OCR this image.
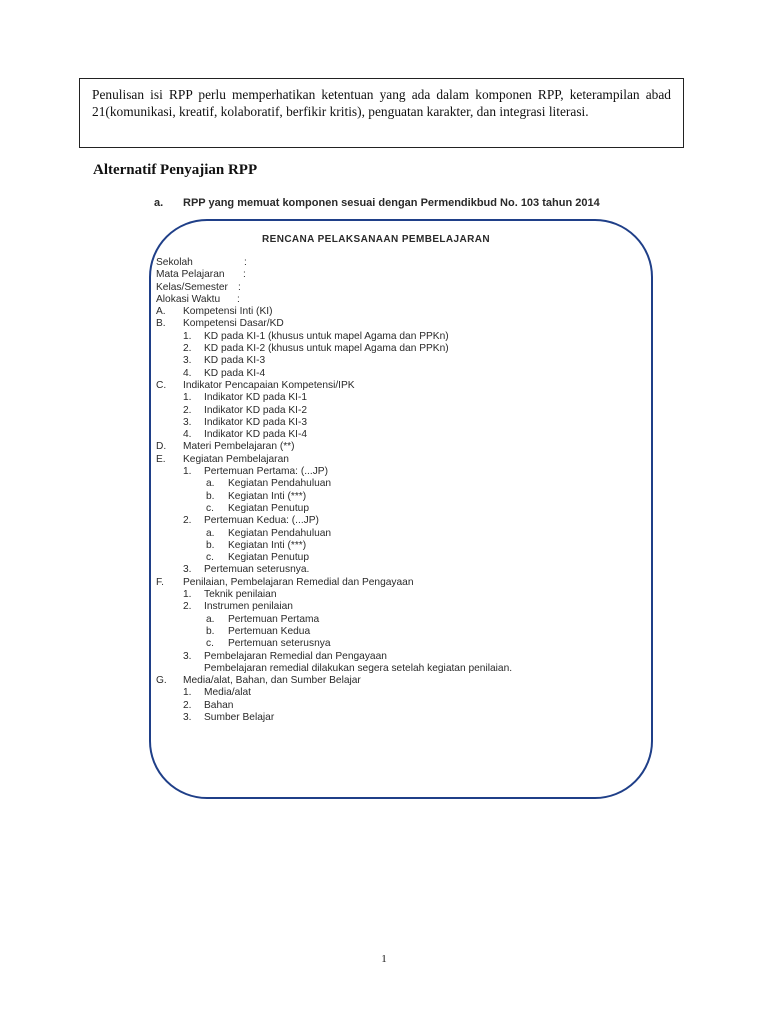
Penulisan isi RPP perlu memperhatikan ketentuan yang ada dalam komponen RPP, keterampilan abad 21(komunikasi, kreatif, kolaboratif, berfikir kritis), penguatan karakter, dan integrasi literasi.
Alternatif Penyajian RPP
a. RPP yang memuat komponen sesuai dengan Permendikbud No. 103 tahun 2014
RENCANA PELAKSANAAN PEMBELAJARAN
Sekolah	:
Mata Pelajaran :
Kelas/Semester :
Alokasi Waktu :
A. Kompetensi Inti (KI)
B. Kompetensi Dasar/KD
1. KD pada KI-1 (khusus untuk mapel Agama dan PPKn)
2. KD pada KI-2 (khusus untuk mapel Agama dan PPKn)
3. KD pada KI-3
4. KD pada KI-4
C. Indikator Pencapaian Kompetensi/IPK
1. Indikator KD pada KI-1
2. Indikator KD pada KI-2
3. Indikator KD pada KI-3
4. Indikator KD pada KI-4
D. Materi Pembelajaran (**)
E. Kegiatan Pembelajaran
1. Pertemuan Pertama: (...JP)
a. Kegiatan Pendahuluan
b. Kegiatan Inti (***)
c. Kegiatan Penutup
2. Pertemuan Kedua: (...JP)
a. Kegiatan Pendahuluan
b. Kegiatan Inti (***)
c. Kegiatan Penutup
3. Pertemuan seterusnya.
F. Penilaian, Pembelajaran Remedial dan Pengayaan
1. Teknik penilaian
2. Instrumen penilaian
a. Pertemuan Pertama
b. Pertemuan Kedua
c. Pertemuan seterusnya
3. Pembelajaran Remedial dan Pengayaan
Pembelajaran remedial dilakukan segera setelah kegiatan penilaian.
G. Media/alat, Bahan, dan Sumber Belajar
1. Media/alat
2. Bahan
3. Sumber Belajar
1
